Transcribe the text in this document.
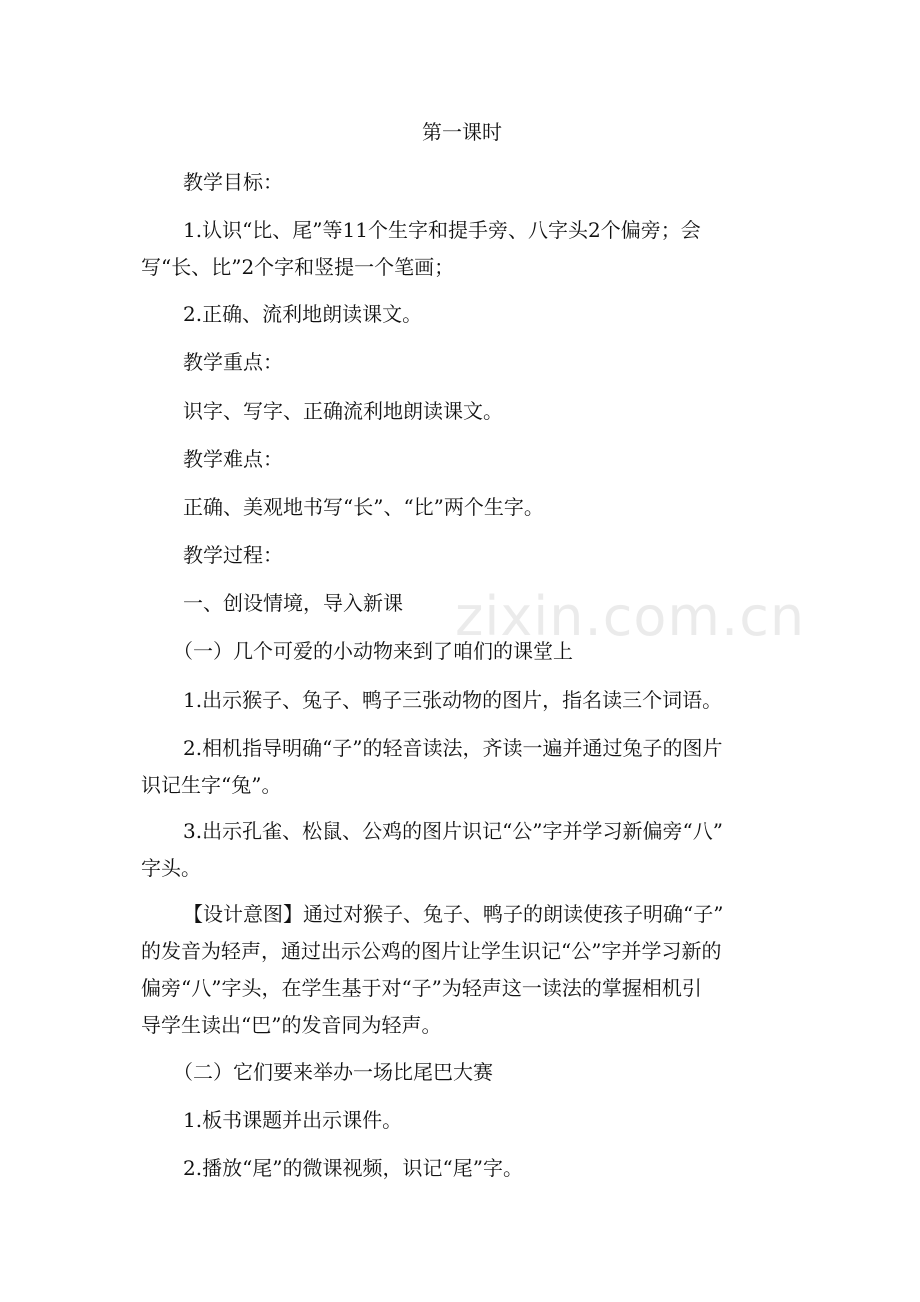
第一课时

教学目标：

1.认识“比、尾”等11个生字和提手旁、八字头2个偏旁；会
写“长、比”2个字和竖提一个笔画；

2.正确、流利地朗读课文。

教学重点：

识字、写字、正确流利地朗读课文。

教学难点：

正确、美观地书写“长”、“比”两个生字。

教学过程：

一、创设情境，导入新课

（一）几个可爱的小动物来到了咱们的课堂上

1.出示猴子、兔子、鸭子三张动物的图片，指名读三个词语。

2.相机指导明确“子”的轻音读法，齐读一遍并通过兔子的图片
识记生字“兔”。
3.出示孔雀、松鼠、公鸡的图片识记“公”字并学习新偏旁“八”
字头。
【设计意图】通过对猴子、兔子、鸭子的朗读使孩子明确“子”
的发音为轻声，通过出示公鸡的图片让学生识记“公”字并学习新的
偏旁“八”字头，在学生基于对“子”为轻声这一读法的掌握相机引
导学生读出“巴”的发音同为轻声。

（二）它们要来举办一场比尾巴大赛

1.板书课题并出示课件。

2.播放“尾”的微课视频，识记“尾”字。

zixin.com.cn
